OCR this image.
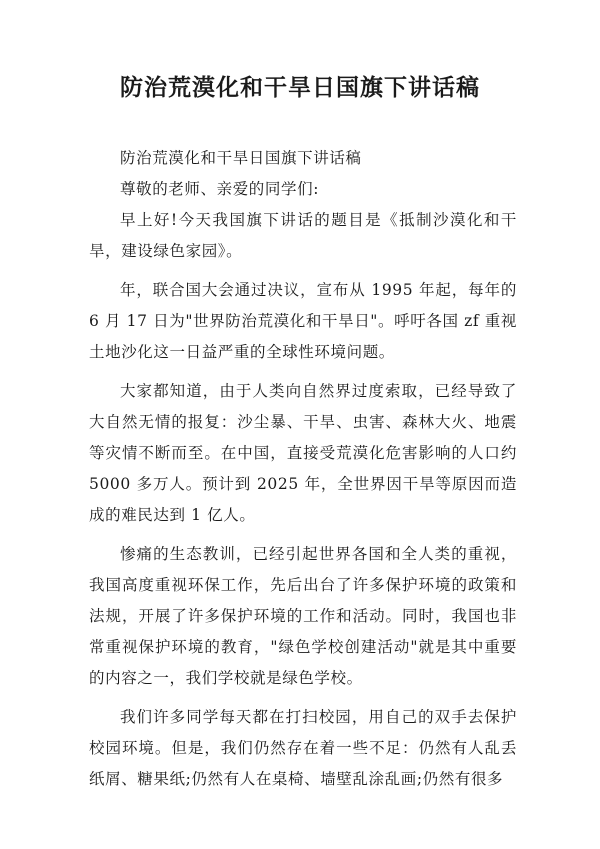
防治荒漠化和干旱日国旗下讲话稿

防治荒漠化和干旱日国旗下讲话稿

尊敬的老师、亲爱的同学们:

早上好!今天我国旗下讲话的题目是《抵制沙漠化和干旱，建设绿色家园》。

年，联合国大会通过决议，宣布从 1995 年起，每年的 6 月 17 日为"世界防治荒漠化和干旱日"。呼吁各国 zf 重视土地沙化这一日益严重的全球性环境问题。

大家都知道，由于人类向自然界过度索取，已经导致了大自然无情的报复：沙尘暴、干旱、虫害、森林大火、地震等灾情不断而至。在中国，直接受荒漠化危害影响的人口约 5000 多万人。预计到 2025 年，全世界因干旱等原因而造成的难民达到 1 亿人。

惨痛的生态教训，已经引起世界各国和全人类的重视，我国高度重视环保工作，先后出台了许多保护环境的政策和法规，开展了许多保护环境的工作和活动。同时，我国也非常重视保护环境的教育，"绿色学校创建活动"就是其中重要的内容之一，我们学校就是绿色学校。

我们许多同学每天都在打扫校园，用自己的双手去保护校园环境。但是，我们仍然存在着一些不足：仍然有人乱丢纸屑、糖果纸;仍然有人在桌椅、墙壁乱涂乱画;仍然有很多
